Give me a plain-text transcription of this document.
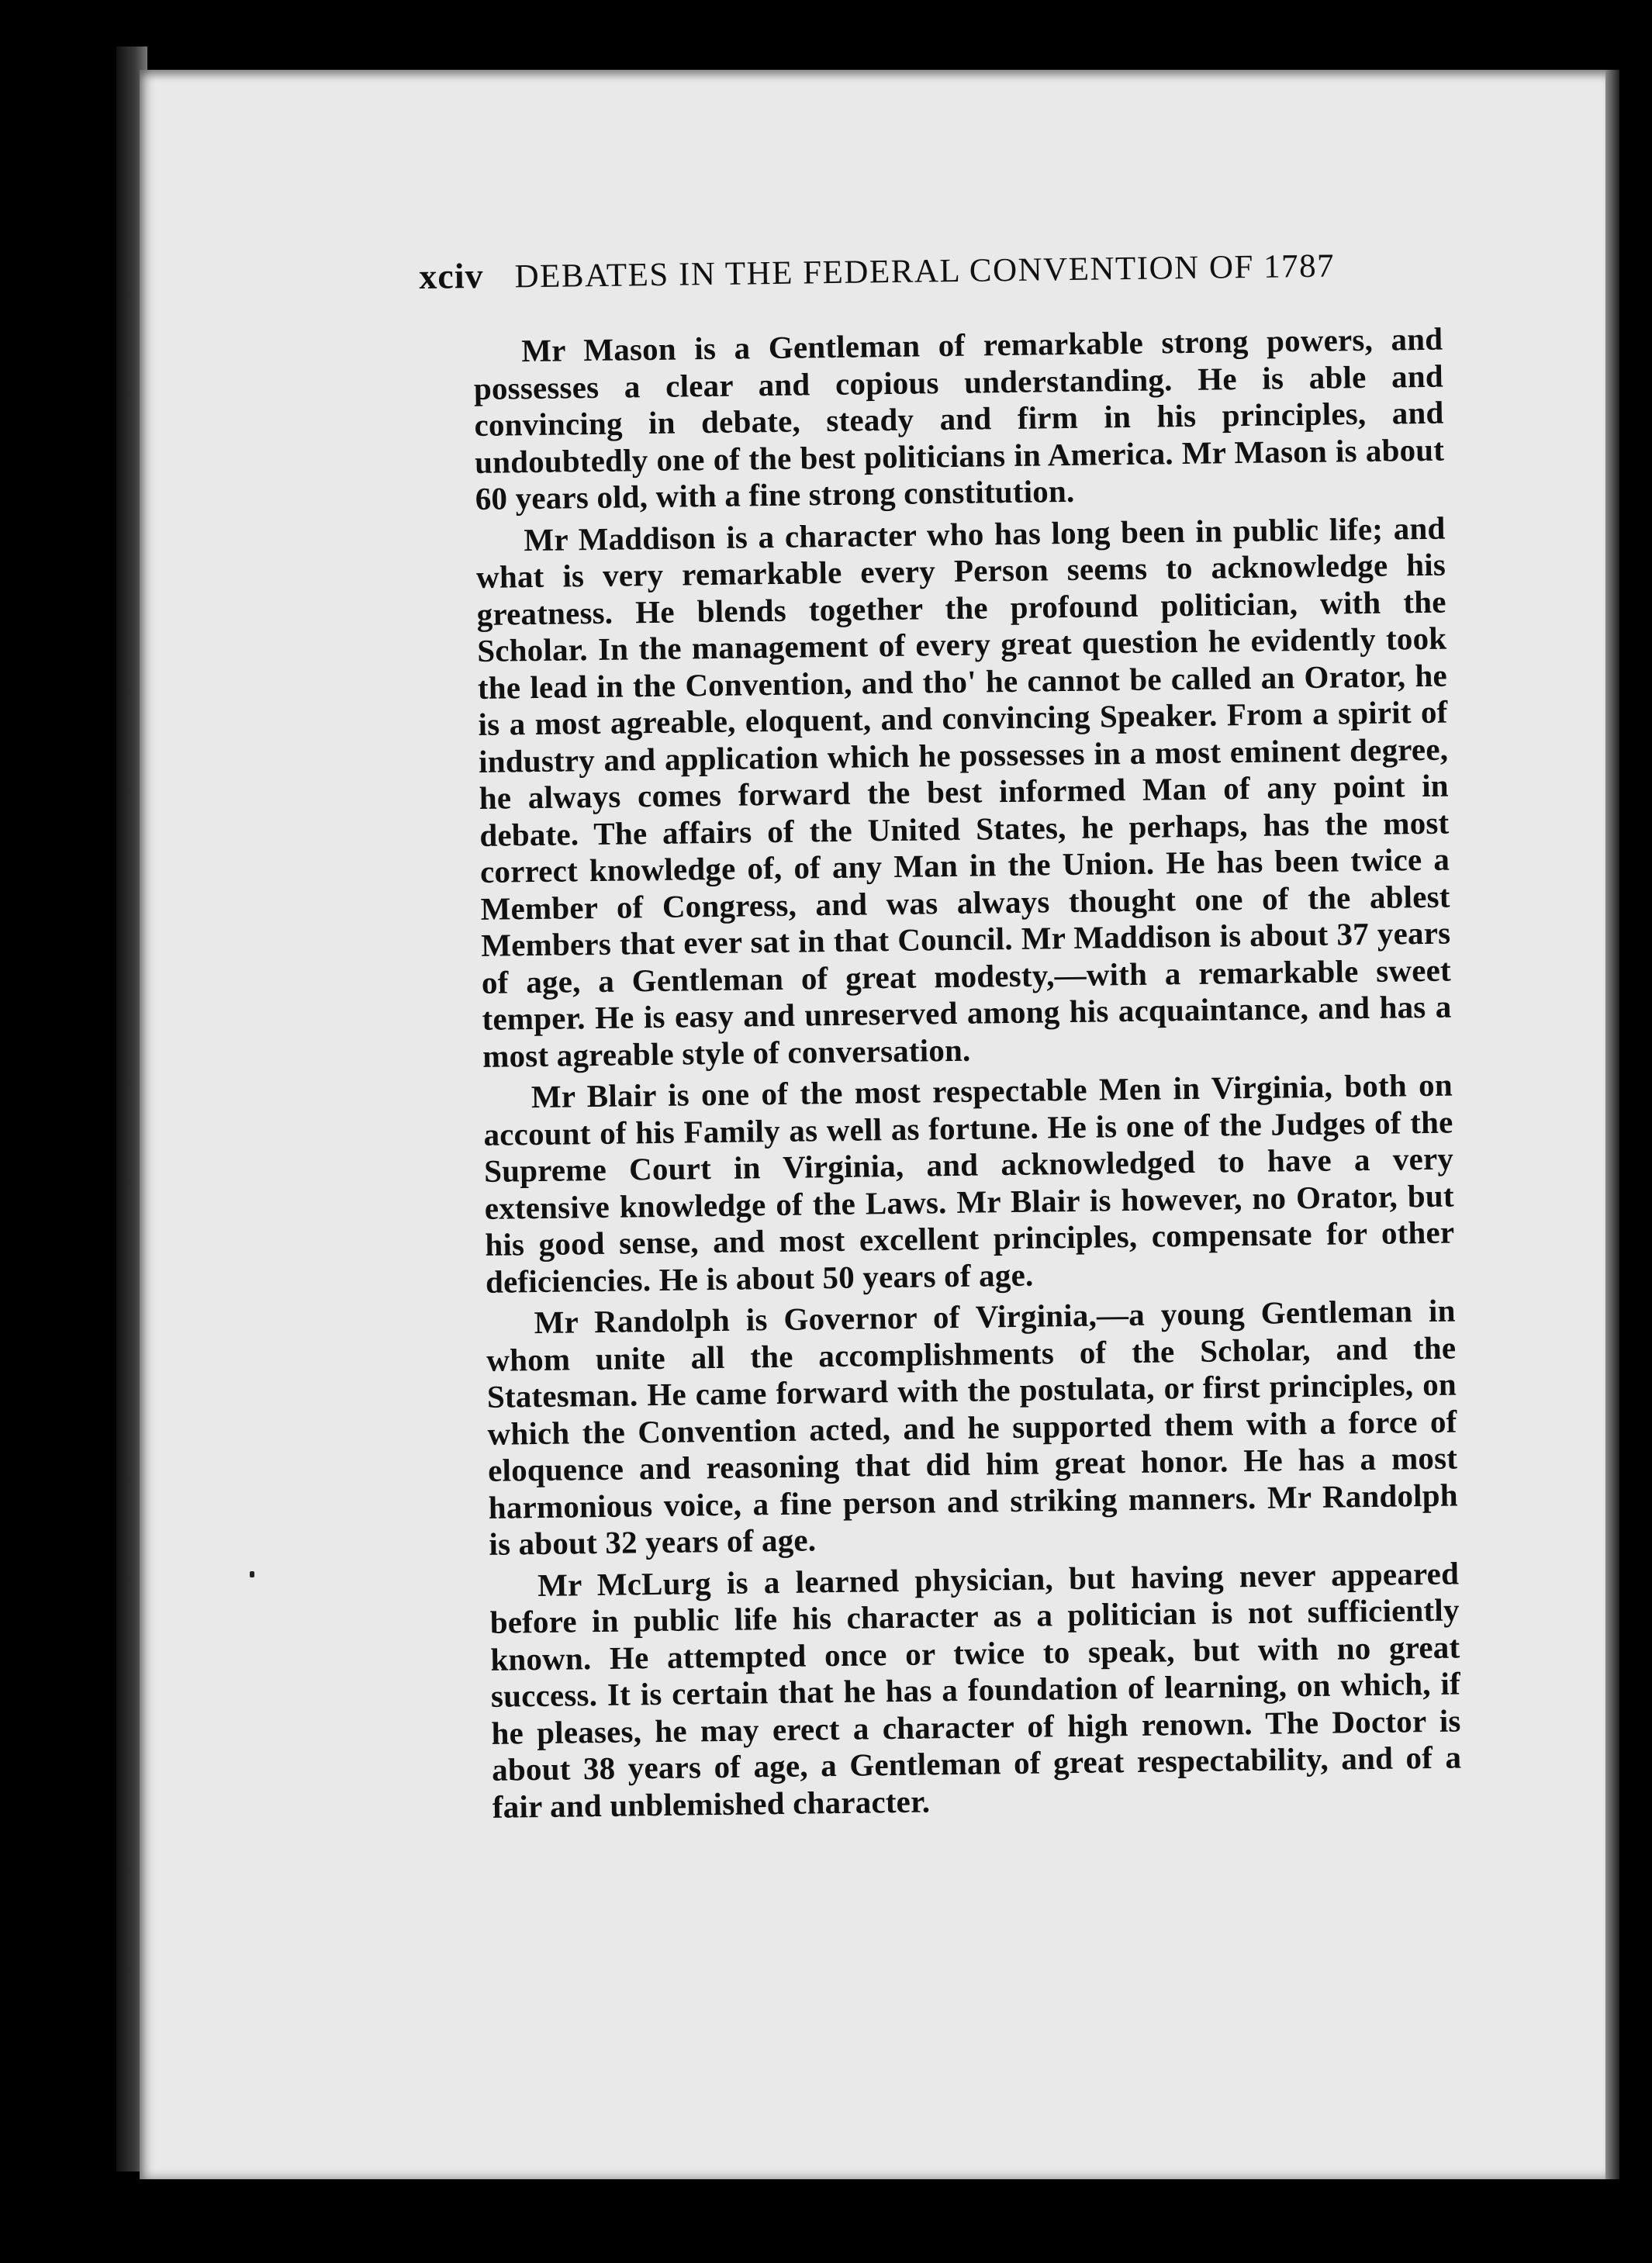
xciv DEBATES IN THE FEDERAL CONVENTION OF 1787

Mr Mason is a Gentleman of remarkable strong powers, and possesses a clear and copious understanding. He is able and convincing in debate, steady and firm in his principles, and undoubtedly one of the best politicians in America. Mr Mason is about 60 years old, with a fine strong constitution.

Mr Maddison is a character who has long been in public life; and what is very remarkable every Person seems to acknowledge his greatness. He blends together the profound politician, with the Scholar. In the management of every great question he evidently took the lead in the Convention, and tho' he cannot be called an Orator, he is a most agreable, eloquent, and convincing Speaker. From a spirit of industry and application which he possesses in a most eminent degree, he always comes forward the best informed Man of any point in debate. The affairs of the United States, he perhaps, has the most correct knowledge of, of any Man in the Union. He has been twice a Member of Congress, and was always thought one of the ablest Members that ever sat in that Council. Mr Maddison is about 37 years of age, a Gentleman of great modesty,—with a remarkable sweet temper. He is easy and unreserved among his acquaintance, and has a most agreable style of conversation.

Mr Blair is one of the most respectable Men in Virginia, both on account of his Family as well as fortune. He is one of the Judges of the Supreme Court in Virginia, and acknowledged to have a very extensive knowledge of the Laws. Mr Blair is however, no Orator, but his good sense, and most excellent principles, compensate for other deficiencies. He is about 50 years of age.

Mr Randolph is Governor of Virginia,—a young Gentleman in whom unite all the accomplishments of the Scholar, and the Statesman. He came forward with the postulata, or first principles, on which the Convention acted, and he supported them with a force of eloquence and reasoning that did him great honor. He has a most harmonious voice, a fine person and striking manners. Mr Randolph is about 32 years of age.

Mr McLurg is a learned physician, but having never appeared before in public life his character as a politician is not sufficiently known. He attempted once or twice to speak, but with no great success. It is certain that he has a foundation of learning, on which, if he pleases, he may erect a character of high renown. The Doctor is about 38 years of age, a Gentleman of great respectability, and of a fair and unblemished character.
